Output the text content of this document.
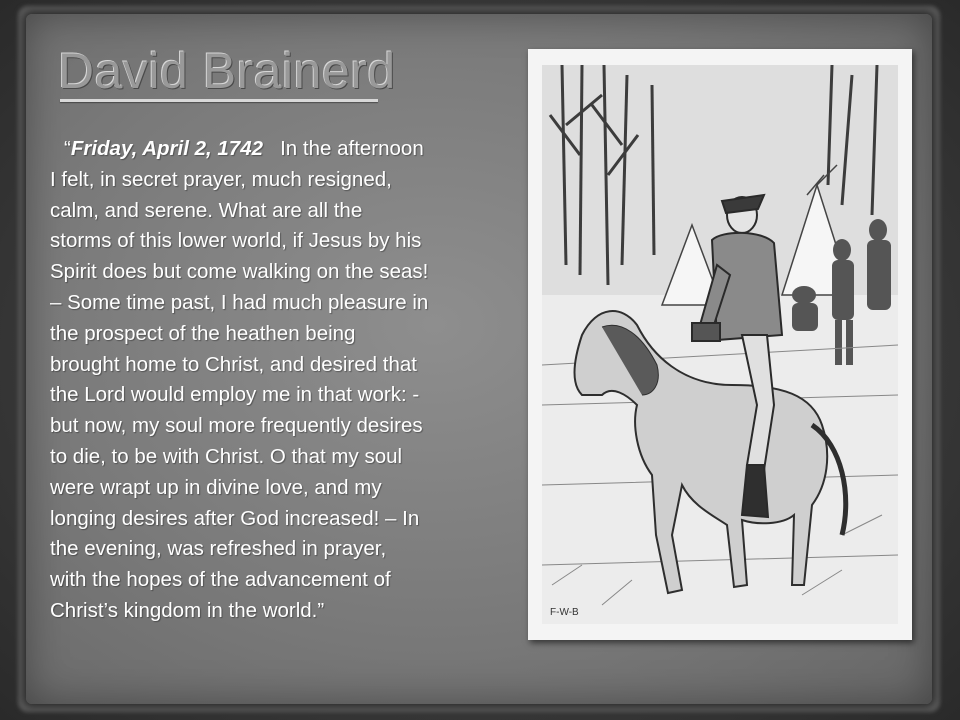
David Brainerd
“Friday, April 2, 1742 In the afternoon
I felt, in secret prayer, much resigned,
calm, and serene. What are all the
storms of this lower world, if Jesus by his
Spirit does but come walking on the seas!
– Some time past, I had much pleasure in
the prospect of the heathen being
brought home to Christ, and desired that
the Lord would employ me in that work: -
but now, my soul more frequently desires
to die, to be with Christ. O that my soul
were wrapt up in divine love, and my
longing desires after God increased! – In
the evening, was refreshed in prayer,
with the hopes of the advancement of
Christ’s kingdom in the world.”	F-W-B
